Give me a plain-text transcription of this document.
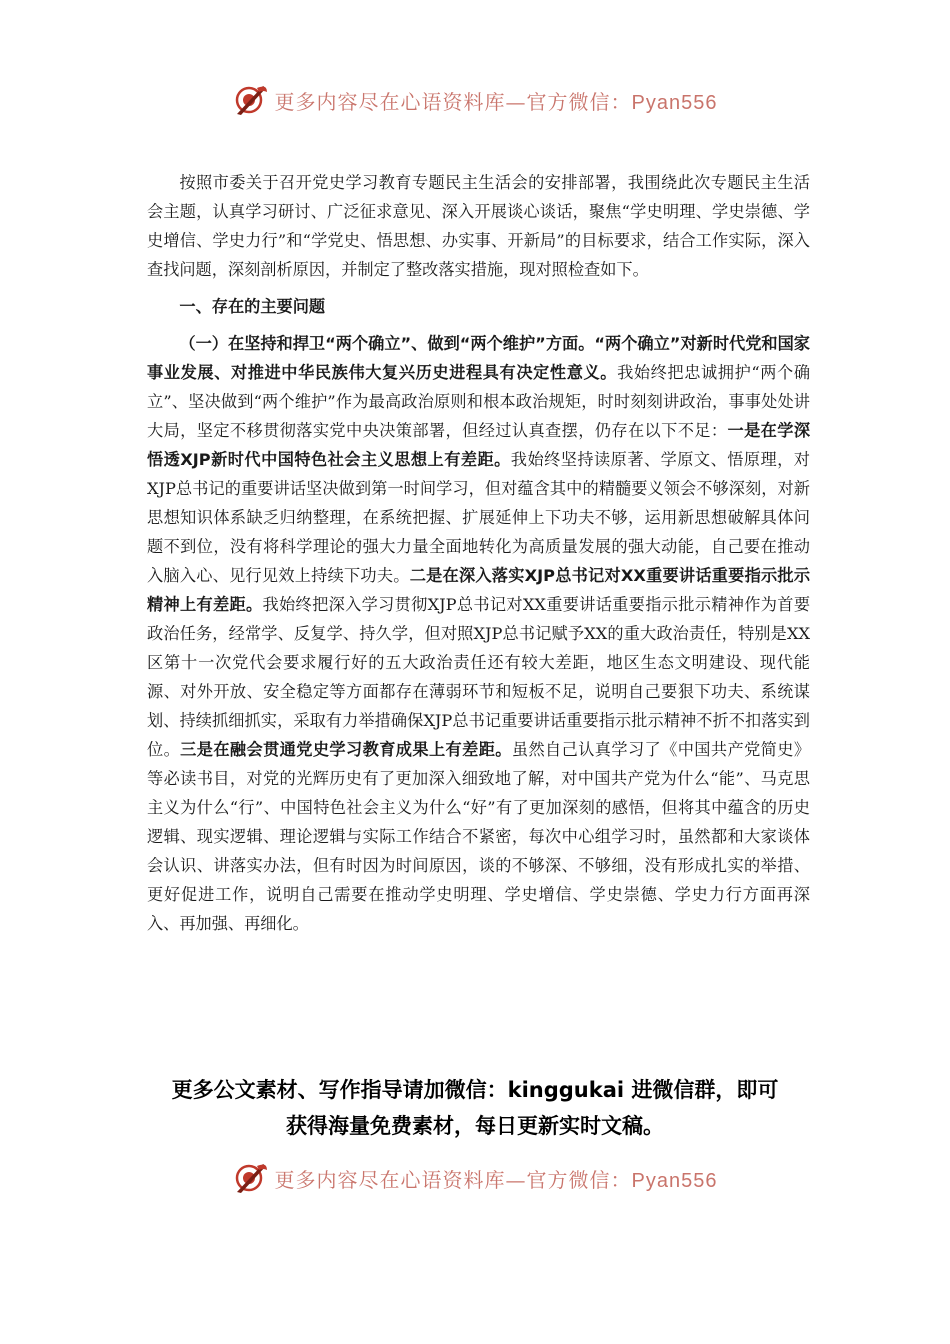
更多内容尽在心语资料库—官方微信：Pyan556

按照市委关于召开党史学习教育专题民主生活会的安排部署，我围绕此次专题民主生活会主题，认真学习研讨、广泛征求意见、深入开展谈心谈话，聚焦“学史明理、学史崇德、学史增信、学史力行”和“学党史、悟思想、办实事、开新局”的目标要求，结合工作实际，深入查找问题，深刻剖析原因，并制定了整改落实措施，现对照检查如下。

一、存在的主要问题

（一）在坚持和捍卫“两个确立”、做到“两个维护”方面。“两个确立”对新时代党和国家事业发展、对推进中华民族伟大复兴历史进程具有决定性意义。我始终把忠诚拥护“两个确立”、坚决做到“两个维护”作为最高政治原则和根本政治规矩，时时刻刻讲政治，事事处处讲大局，坚定不移贯彻落实党中央决策部署，但经过认真查摆，仍存在以下不足：一是在学深悟透XJP新时代中国特色社会主义思想上有差距。我始终坚持读原著、学原文、悟原理，对XJP总书记的重要讲话坚决做到第一时间学习，但对蕴含其中的精髓要义领会不够深刻，对新思想知识体系缺乏归纳整理，在系统把握、扩展延伸上下功夫不够，运用新思想破解具体问题不到位，没有将科学理论的强大力量全面地转化为高质量发展的强大动能，自己要在推动入脑入心、见行见效上持续下功夫。二是在深入落实XJP总书记对XX重要讲话重要指示批示精神上有差距。我始终把深入学习贯彻XJP总书记对XX重要讲话重要指示批示精神作为首要政治任务，经常学、反复学、持久学，但对照XJP总书记赋予XX的重大政治责任，特别是XX区第十一次党代会要求履行好的五大政治责任还有较大差距，地区生态文明建设、现代能源、对外开放、安全稳定等方面都存在薄弱环节和短板不足，说明自己要狠下功夫、系统谋划、持续抓细抓实，采取有力举措确保XJP总书记重要讲话重要指示批示精神不折不扣落实到位。三是在融会贯通党史学习教育成果上有差距。虽然自己认真学习了《中国共产党简史》等必读书目，对党的光辉历史有了更加深入细致地了解，对中国共产党为什么“能”、马克思主义为什么“行”、中国特色社会主义为什么“好”有了更加深刻的感悟，但将其中蕴含的历史逻辑、现实逻辑、理论逻辑与实际工作结合不紧密，每次中心组学习时，虽然都和大家谈体会认识、讲落实办法，但有时因为时间原因，谈的不够深、不够细，没有形成扎实的举措、更好促进工作，说明自己需要在推动学史明理、学史增信、学史崇德、学史力行方面再深入、再加强、再细化。

更多公文素材、写作指导请加微信：kinggukai 进微信群，即可
获得海量免费素材，每日更新实时文稿。
更多内容尽在心语资料库—官方微信：Pyan556
